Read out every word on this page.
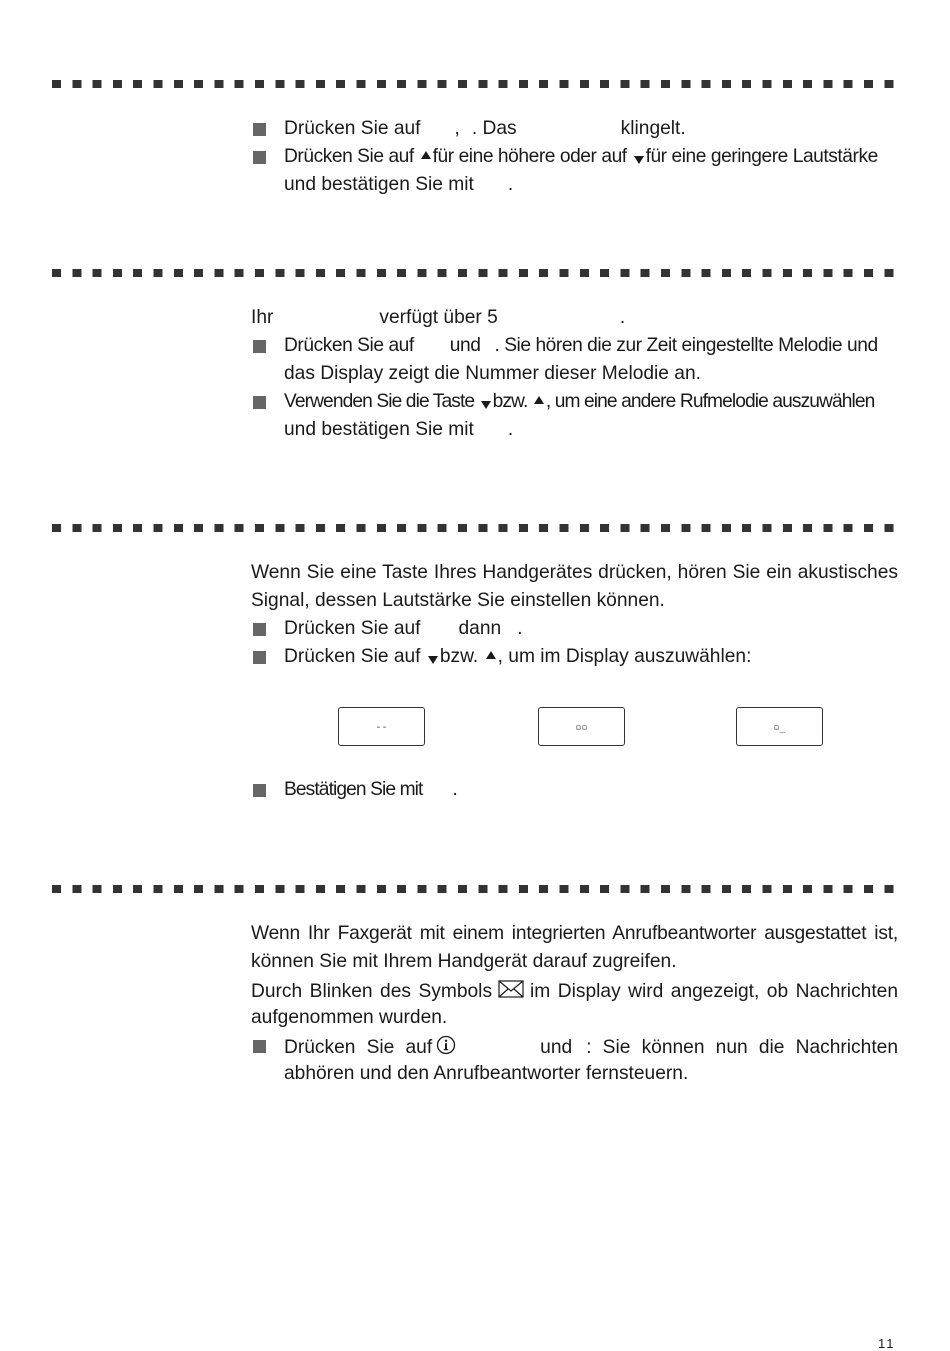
Drücken Sie auf , . Das	klingelt.
Drücken Sie auf für eine höhere oder auf für eine geringere Lautstärke
und bestätigen Sie mit .
Ihr	verfügt über 5	.
Drücken Sie auf und . Sie hören die zur Zeit eingestellte Melodie und
das Display zeigt die Nummer dieser Melodie an.
Verwenden Sie die Taste bzw. , um eine andere Rufmelodie auszuwählen
und bestätigen Sie mit .
Wenn Sie eine Taste Ihres Handgerätes drücken, hören Sie ein akustisches
Signal, dessen Lautstärke Sie einstellen können.
Drücken Sie auf dann .
Drücken Sie auf bzw. , um im Display auszuwählen:
--	▫▫	▫_
Bestätigen Sie mit .
Wenn Ihr Faxgerät mit einem integrierten Anrufbeantworter ausgestattet ist,
können Sie mit Ihrem Handgerät darauf zugreifen.
Durch Blinken des Symbols im Display wird angezeigt, ob Nachrichten
aufgenommen wurden.
Drücken Sie auf	und : Sie können nun die Nachrichten
abhören und den Anrufbeantworter fernsteuern.
11
